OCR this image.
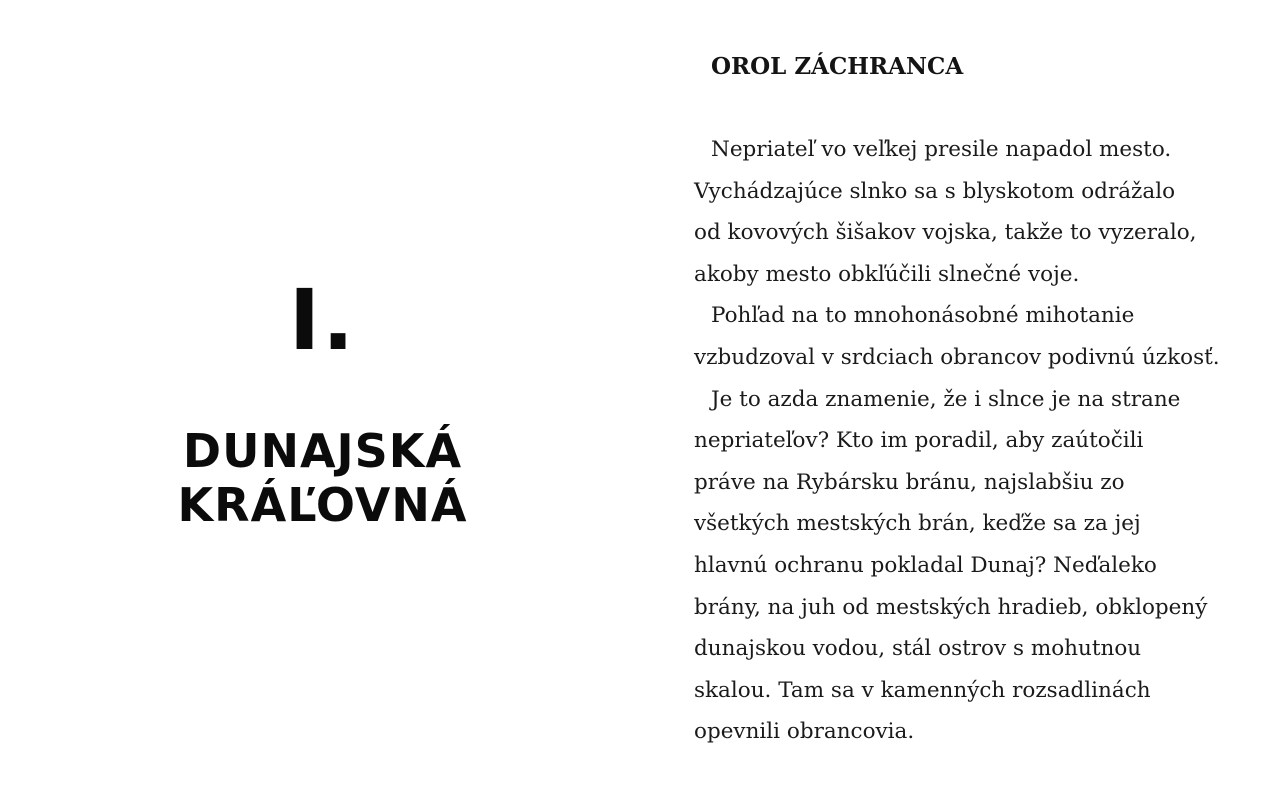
I.
DUNAJSKÁ
KRÁĽOVNÁ
OROL ZÁCHRANCA
Nepriateľ vo veľkej presile napadol mesto.
Vychádzajúce slnko sa s blyskotom odrážalo
od kovových šišakov vojska, takže to vyzeralo,
akoby mesto obkľúčili slnečné voje.
Pohľad na to mnohonásobné mihotanie
vzbudzoval v srdciach obrancov podivnú úzkosť.
Je to azda znamenie, že i slnce je na strane
nepriateľov? Kto im poradil, aby zaútočili
práve na Rybársku bránu, najslabšiu zo
všetkých mestských brán, keďže sa za jej
hlavnú ochranu pokladal Dunaj? Neďaleko
brány, na juh od mestských hradieb, obklopený
dunajskou vodou, stál ostrov s mohutnou
skalou. Tam sa v kamenných rozsadlinách
opevnili obrancovia.
